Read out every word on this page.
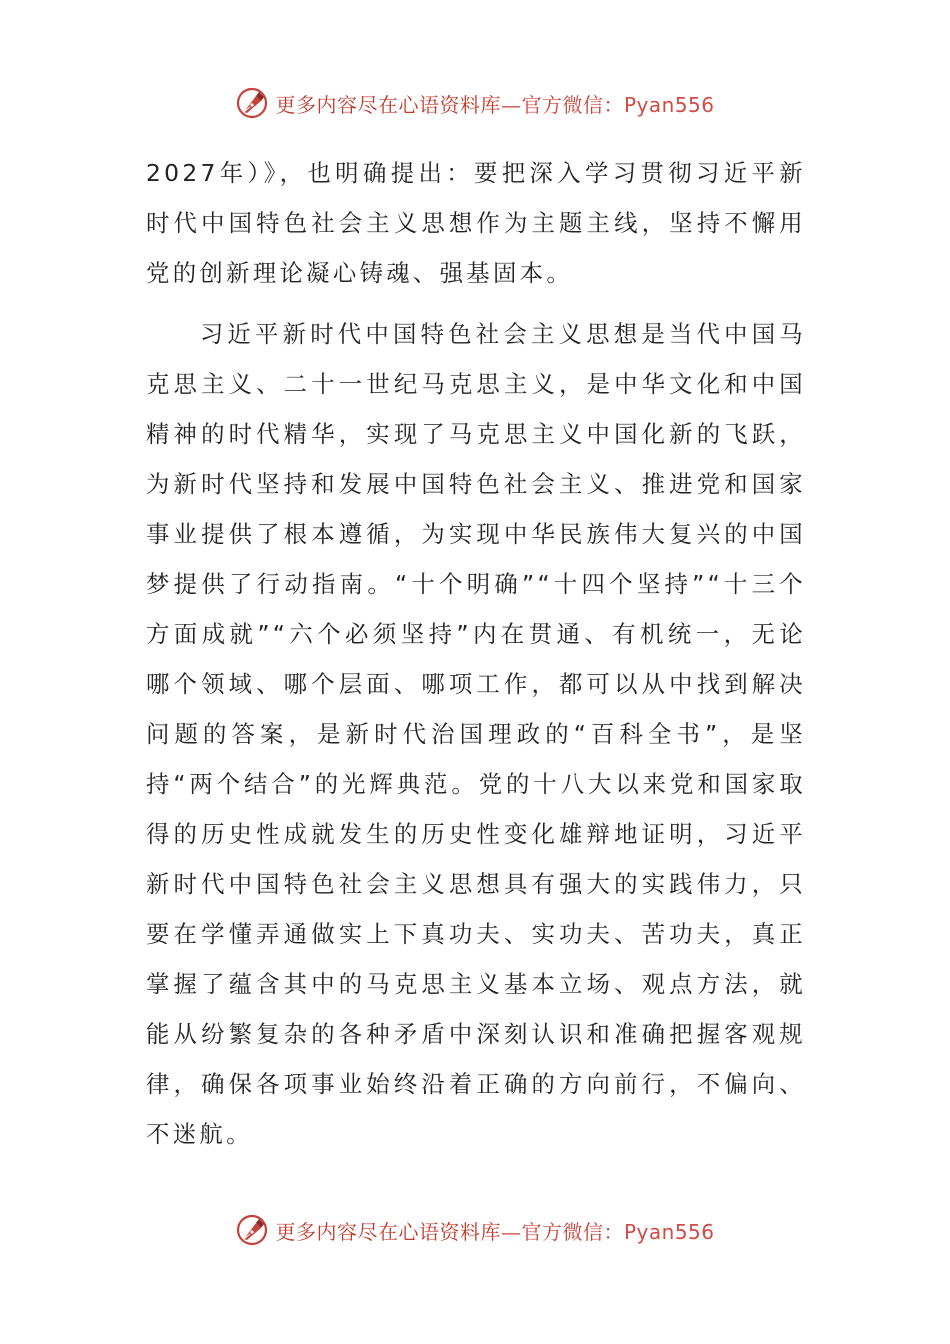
更多内容尽在心语资料库—官方微信：Pyan556

2027年）》，也明确提出：要把深入学习贯彻习近平新时代中国特色社会主义思想作为主题主线，坚持不懈用党的创新理论凝心铸魂、强基固本。

习近平新时代中国特色社会主义思想是当代中国马克思主义、二十一世纪马克思主义，是中华文化和中国精神的时代精华，实现了马克思主义中国化新的飞跃，为新时代坚持和发展中国特色社会主义、推进党和国家事业提供了根本遵循，为实现中华民族伟大复兴的中国梦提供了行动指南。“十个明确”“十四个坚持”“十三个方面成就”“六个必须坚持”内在贯通、有机统一，无论哪个领域、哪个层面、哪项工作，都可以从中找到解决问题的答案，是新时代治国理政的“百科全书”，是坚持“两个结合”的光辉典范。党的十八大以来党和国家取得的历史性成就发生的历史性变化雄辩地证明，习近平新时代中国特色社会主义思想具有强大的实践伟力，只要在学懂弄通做实上下真功夫、实功夫、苦功夫，真正掌握了蕴含其中的马克思主义基本立场、观点方法，就能从纷繁复杂的各种矛盾中深刻认识和准确把握客观规律，确保各项事业始终沿着正确的方向前行，不偏向、不迷航。

更多内容尽在心语资料库—官方微信：Pyan556
